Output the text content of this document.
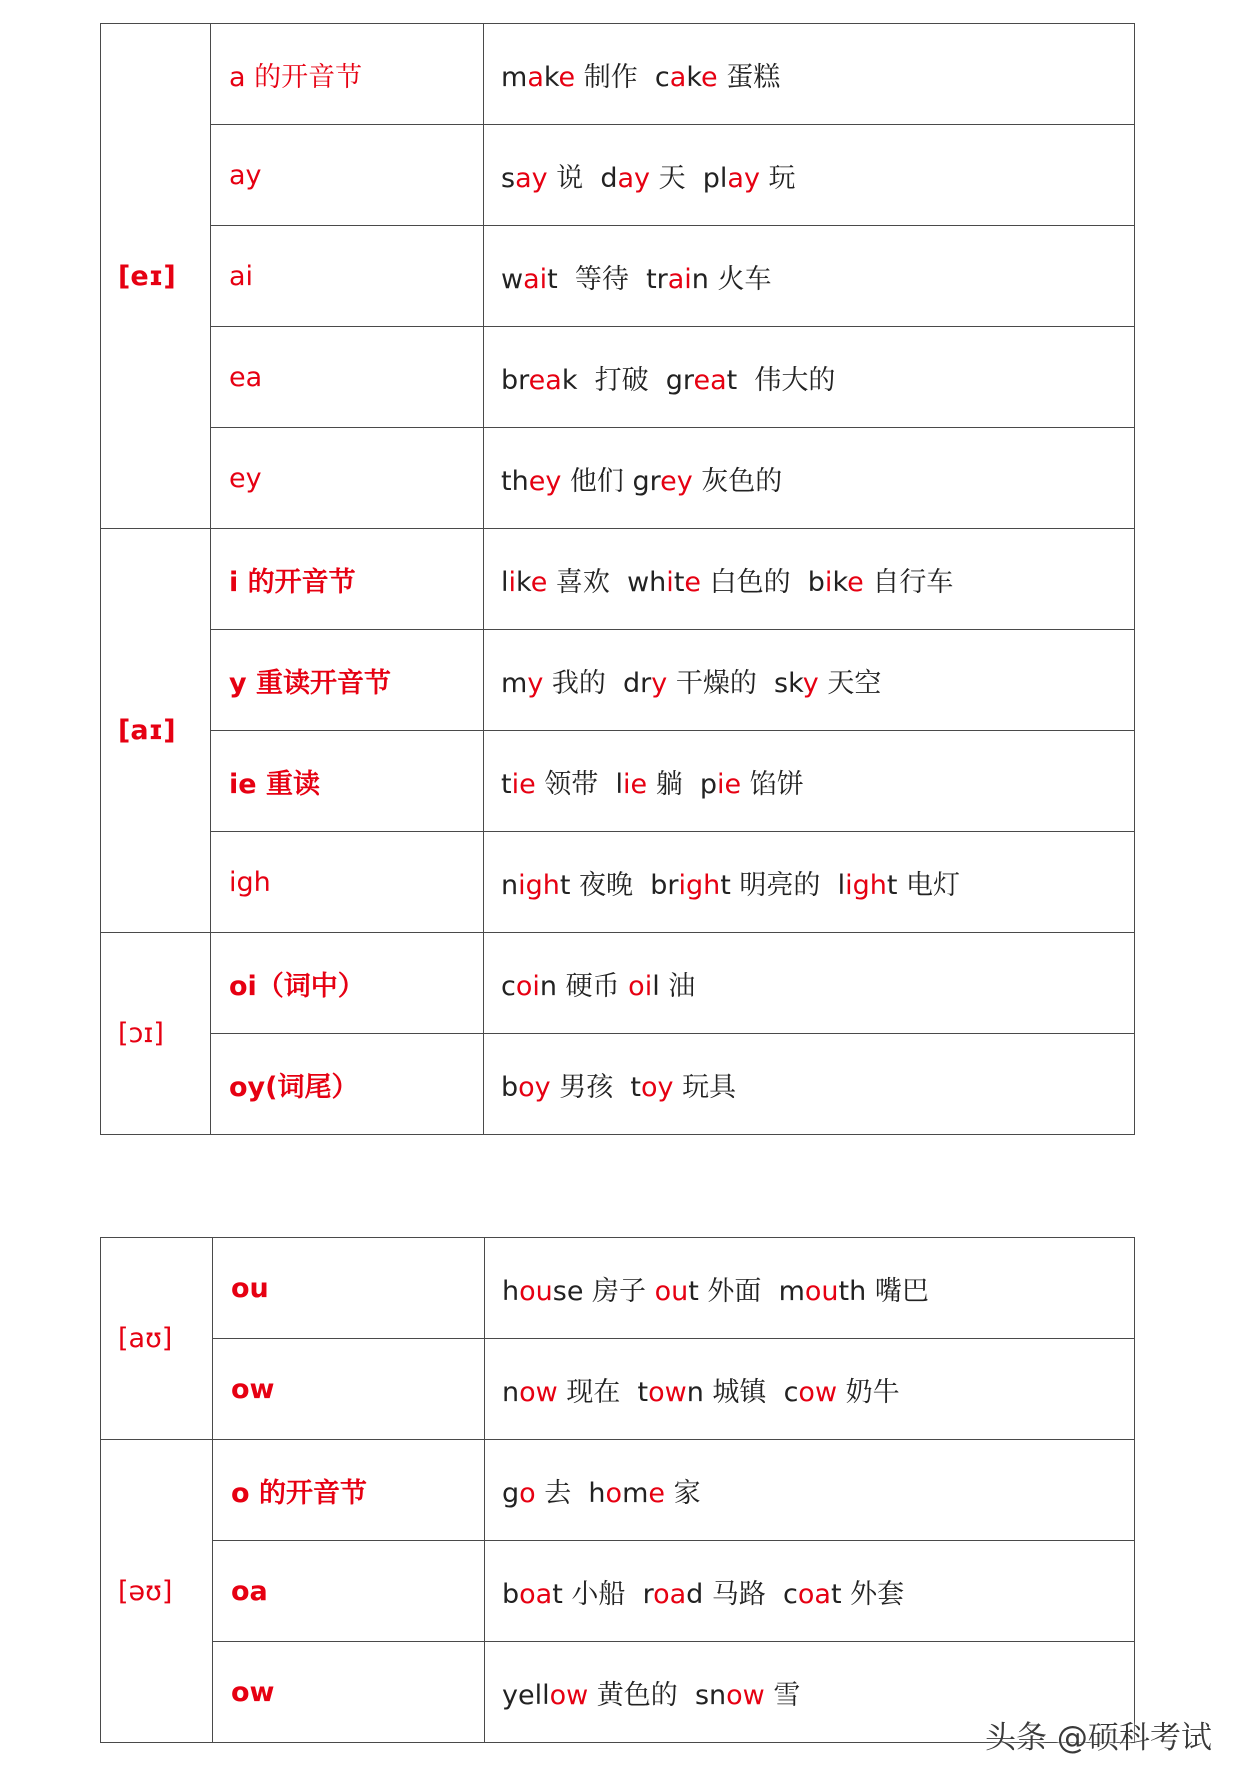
[eɪ]	a 的开音节	make 制作  cake 蛋糕
	ay	say 说  day 天  play 玩
	ai	wait  等待  train 火车
	ea	break  打破  great  伟大的
	ey	they 他们 grey 灰色的
[aɪ]	i 的开音节	like 喜欢  white 白色的  bike 自行车
	y 重读开音节	my 我的  dry 干燥的  sky 天空
	ie 重读	tie 领带  lie 躺  pie 馅饼
	igh	night 夜晚  bright 明亮的  light 电灯
[ɔɪ]	oi（词中）	coin 硬币 oil 油
	oy(词尾）	boy 男孩  toy 玩具
[aʊ]	ou	house 房子 out 外面  mouth 嘴巴
	ow	now 现在  town 城镇  cow 奶牛
[əʊ]	o 的开音节	go 去  home 家
	oa	boat 小船  road 马路  coat 外套
	ow	yellow 黄色的  snow 雪
头条 @硕科考试
